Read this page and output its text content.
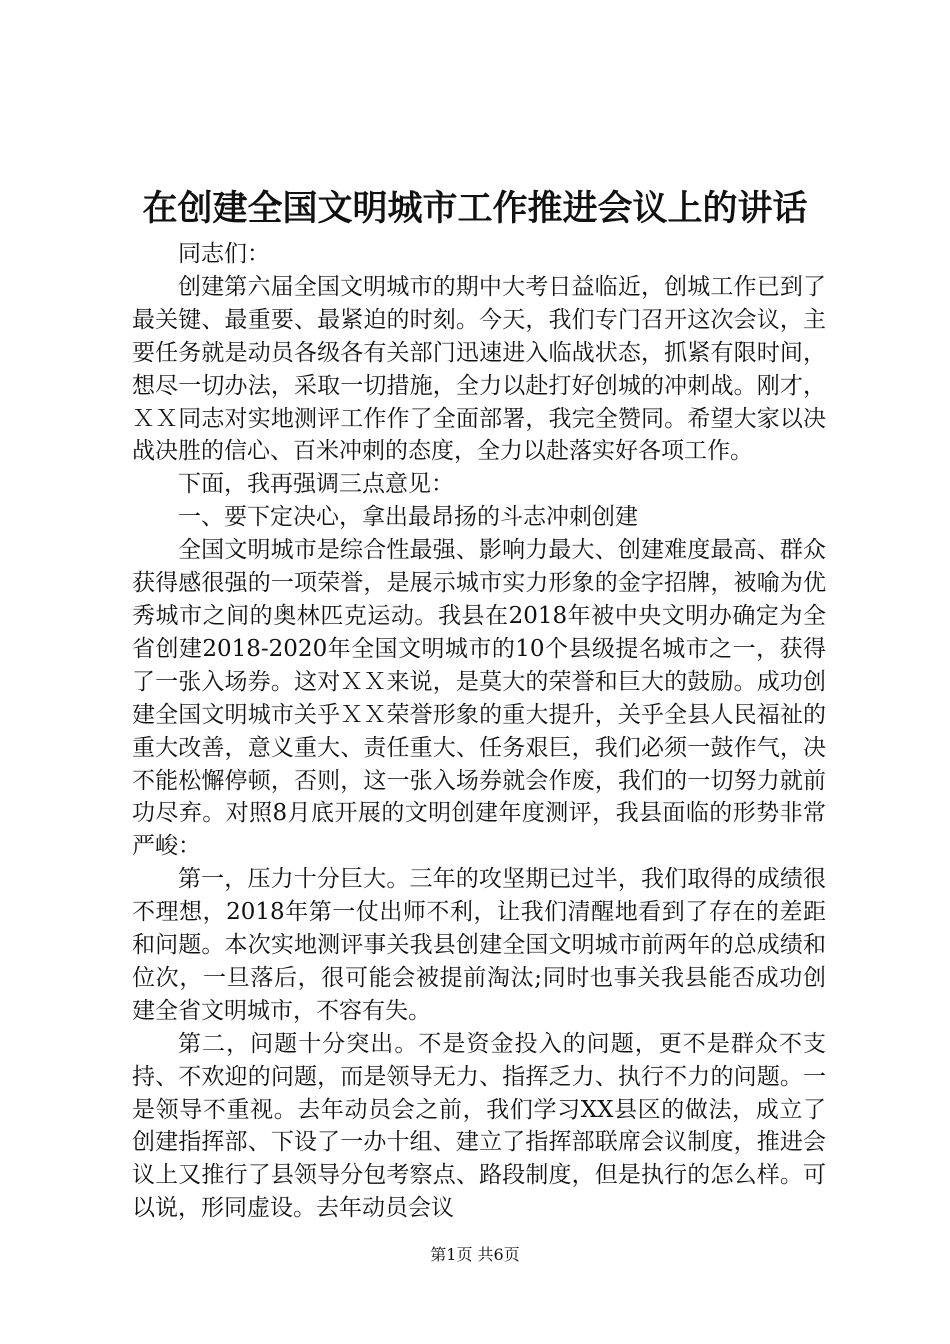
在创建全国文明城市工作推进会议上的讲话

同志们：

创建第六届全国文明城市的期中大考日益临近，创城工作已到了最关键、最重要、最紧迫的时刻。今天，我们专门召开这次会议，主要任务就是动员各级各有关部门迅速进入临战状态，抓紧有限时间，想尽一切办法，采取一切措施，全力以赴打好创城的冲刺战。刚才，ＸＸ同志对实地测评工作作了全面部署，我完全赞同。希望大家以决战决胜的信心、百米冲刺的态度，全力以赴落实好各项工作。

下面，我再强调三点意见：

一、要下定决心，拿出最昂扬的斗志冲刺创建

全国文明城市是综合性最强、影响力最大、创建难度最高、群众获得感很强的一项荣誉，是展示城市实力形象的金字招牌，被喻为优秀城市之间的奥林匹克运动。我县在2018年被中央文明办确定为全省创建2018-2020年全国文明城市的10个县级提名城市之一，获得了一张入场券。这对ＸＸ来说，是莫大的荣誉和巨大的鼓励。成功创建全国文明城市关乎ＸＸ荣誉形象的重大提升，关乎全县人民福祉的重大改善，意义重大、责任重大、任务艰巨，我们必须一鼓作气，决不能松懈停顿，否则，这一张入场券就会作废，我们的一切努力就前功尽弃。对照8月底开展的文明创建年度测评，我县面临的形势非常严峻：

第一，压力十分巨大。三年的攻坚期已过半，我们取得的成绩很不理想，2018年第一仗出师不利，让我们清醒地看到了存在的差距和问题。本次实地测评事关我县创建全国文明城市前两年的总成绩和位次，一旦落后，很可能会被提前淘汰;同时也事关我县能否成功创建全省文明城市，不容有失。

第二，问题十分突出。不是资金投入的问题，更不是群众不支持、不欢迎的问题，而是领导无力、指挥乏力、执行不力的问题。一是领导不重视。去年动员会之前，我们学习XX县区的做法，成立了创建指挥部、下设了一办十组、建立了指挥部联席会议制度，推进会议上又推行了县领导分包考察点、路段制度，但是执行的怎么样。可以说，形同虚设。去年动员会议

第1页 共6页
